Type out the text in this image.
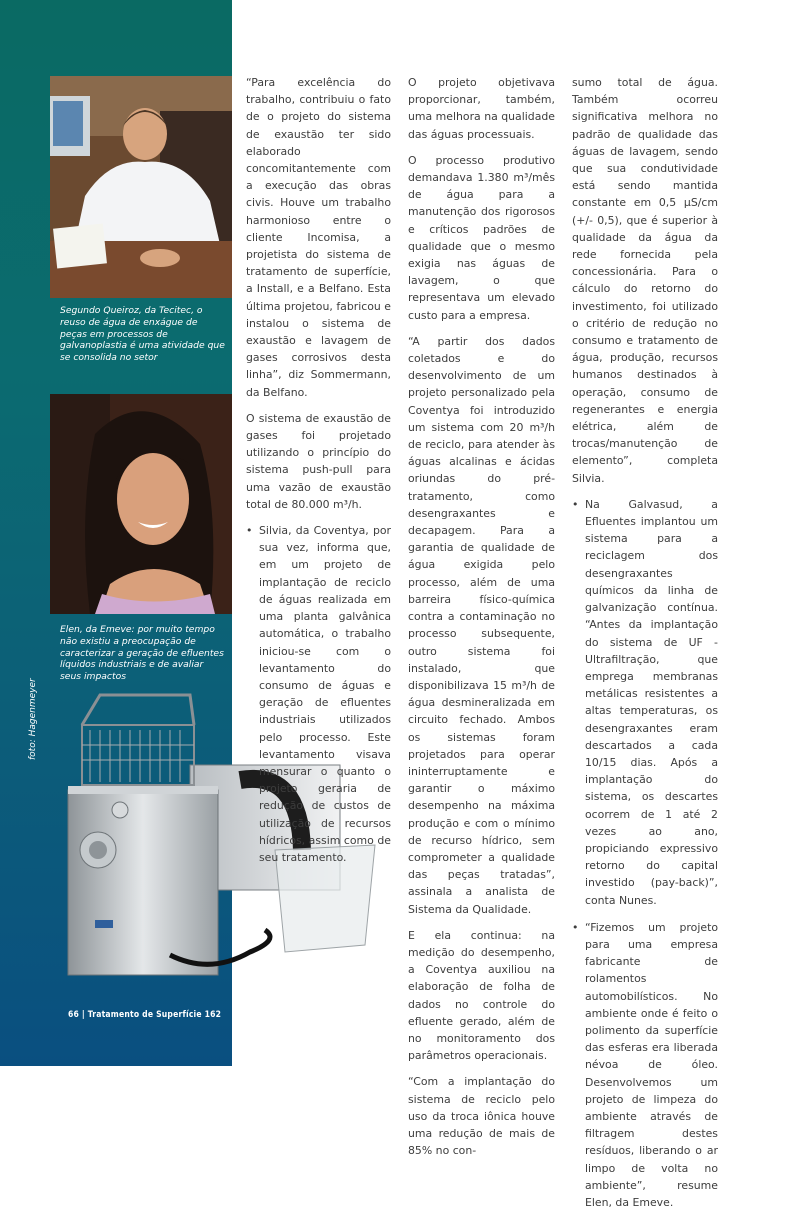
Segundo Queiroz, da Tecitec, o reuso de água de enxágue de peças em processos de galvanoplastia é uma atividade que se consolida no setor

Elen, da Emeve: por muito tempo não existiu a preocupação de caracterizar a geração de efluentes líquidos industriais e de avaliar seus impactos

foto: Hagenmeyer
66 | Tratamento de Superfície 162

“Para excelência do trabalho, contribuiu o fato de o projeto do sistema de exaustão ter sido elaborado concomitantemente com a execução das obras civis. Houve um trabalho harmonioso entre o cliente Incomisa, a projetista do sistema de tratamento de superfície, a Install, e a Belfano. Esta última projetou, fabricou e instalou o sistema de exaustão e lavagem de gases corrosivos desta linha”, diz Sommermann, da Belfano.

O sistema de exaustão de gases foi projetado utilizando o princípio do sistema push-pull para uma vazão de exaustão total de 80.000 m³/h.

• Silvia, da Coventya, por sua vez, informa que, em um projeto de implantação de reciclo de águas realizada em uma planta galvânica automática, o trabalho iniciou-se com o levantamento do consumo de águas e geração de efluentes industriais utilizados pelo processo. Este levantamento visava mensurar o quanto o projeto geraria de redução de custos de utilização de recursos hídricos, assim como de seu tratamento.

O projeto objetivava proporcionar, também, uma melhora na qualidade das águas processuais.

O processo produtivo demandava 1.380 m³/mês de água para a manutenção dos rigorosos e críticos padrões de qualidade que o mesmo exigia nas águas de lavagem, o que representava um elevado custo para a empresa.

“A partir dos dados coletados e do desenvolvimento de um projeto personalizado pela Coventya foi introduzido um sistema com 20 m³/h de reciclo, para atender às águas alcalinas e ácidas oriundas do pré-tratamento, como desengraxantes e decapagem. Para a garantia de qualidade de água exigida pelo processo, além de uma barreira físico-química contra a contaminação no processo subsequente, outro sistema foi instalado, que disponibilizava 15 m³/h de água desmineralizada em circuito fechado. Ambos os sistemas foram projetados para operar ininterruptamente e garantir o máximo desempenho na máxima produção e com o mínimo de recurso hídrico, sem comprometer a qualidade das peças tratadas”, assinala a analista de Sistema da Qualidade.

E ela continua: na medição do desempenho, a Coventya auxiliou na elaboração de folha de dados no controle do efluente gerado, além de no monitoramento dos parâmetros operacionais.

“Com a implantação do sistema de reciclo pelo uso da troca iônica houve uma redução de mais de 85% no con-

sumo total de água. Também ocorreu significativa melhora no padrão de qualidade das águas de lavagem, sendo que sua condutividade está sendo mantida constante em 0,5 µS/cm (+/- 0,5), que é superior à qualidade da água da rede fornecida pela concessionária. Para o cálculo do retorno do investimento, foi utilizado o critério de redução no consumo e tratamento de água, produção, recursos humanos destinados à operação, consumo de regenerantes e energia elétrica, além de trocas/manutenção de elemento”, completa Silvia.

• Na Galvasud, a Efluentes implantou um sistema para a reciclagem dos desengraxantes químicos da linha de galvanização contínua. “Antes da implantação do sistema de UF - Ultrafiltração, que emprega membranas metálicas resistentes a altas temperaturas, os desengraxantes eram descartados a cada 10/15 dias. Após a implantação do sistema, os descartes ocorrem de 1 até 2 vezes ao ano, propiciando expressivo retorno do capital investido (pay-back)”, conta Nunes.
• “Fizemos um projeto para uma empresa fabricante de rolamentos automobilísticos. No ambiente onde é feito o polimento da superfície das esferas era liberada névoa de óleo. Desenvolvemos um projeto de limpeza do ambiente através de filtragem destes resíduos, liberando o ar limpo de volta no ambiente”, resume Elen, da Emeve.
